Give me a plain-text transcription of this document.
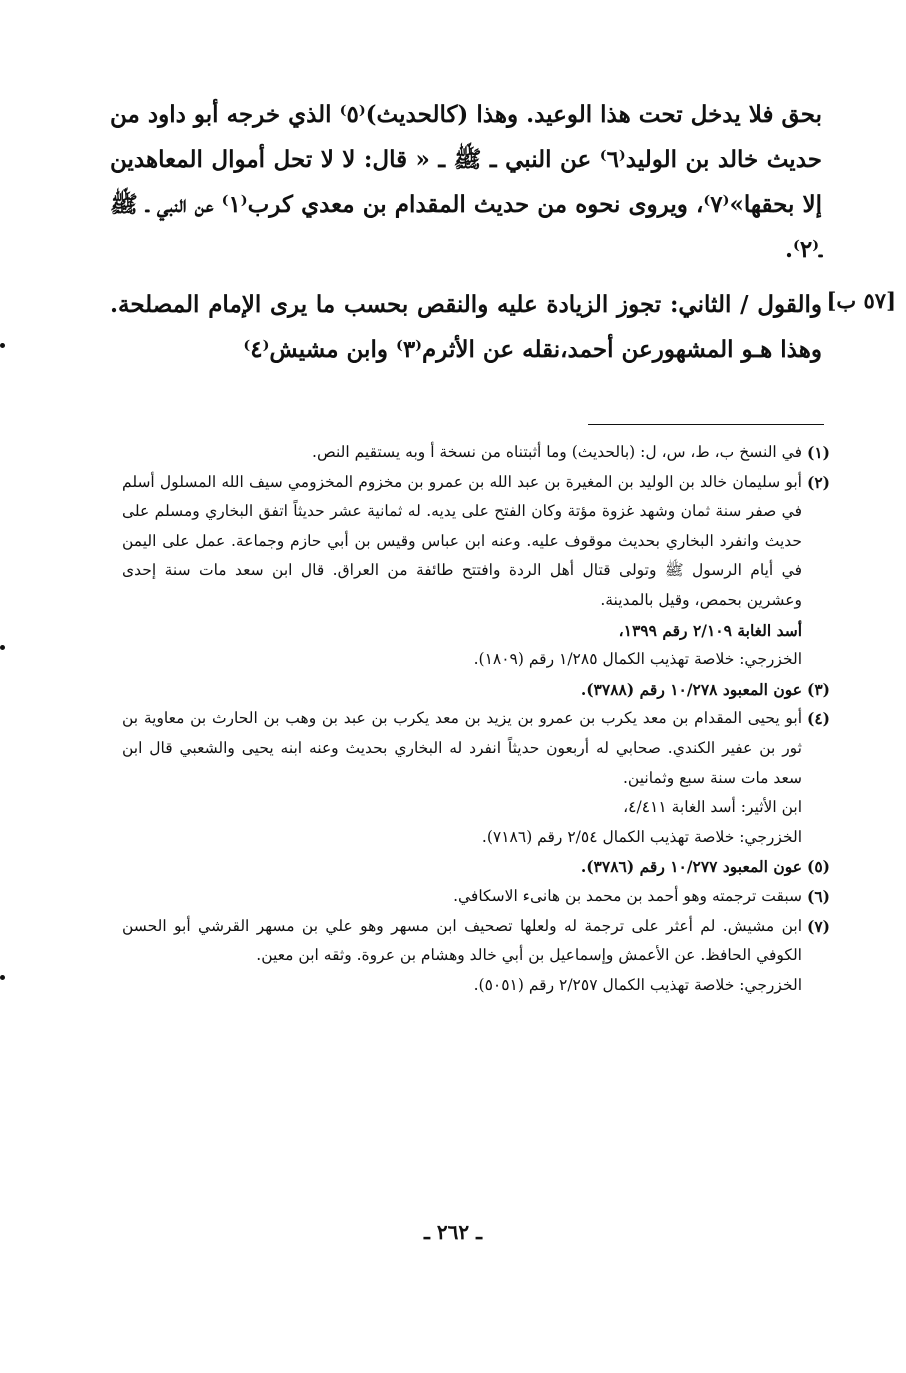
[٥٧ ب]

بحق فلا يدخل تحت هذا الوعيد. وهذا (كالحديث)⁽٥⁾ الذي خرجه أبو داود من حديث خالد بن الوليد⁽٦⁾ عن النبي ـ ﷺ ـ « قال: لا لا تحل أموال المعاهدين إلا بحقها»⁽٧⁾، ويروى نحوه من حديث المقدام بن معدي كرب⁽١⁾ عن النبي ـ ﷺ ـ⁽٢⁾.

والقول / الثاني: تجوز الزيادة عليه والنقص بحسب ما يرى الإمام المصلحة. وهذا هـو المشهورعن أحمد،نقله عن الأثرم⁽٣⁾ وابن مشيش⁽٤⁾

(١)
في النسخ ب، ط، س، ل: (بالحديث) وما أثبتناه من نسخة أ وبه يستقيم النص.
(٢)
أبو سليمان خالد بن الوليد بن المغيرة بن عبد الله بن عمرو بن مخزوم المخزومي سيف الله المسلول أسلم في صفر سنة ثمان وشهد غزوة مؤتة وكان الفتح على يديه. له ثمانية عشر حديثاً اتفق البخاري ومسلم على حديث وانفرد البخاري بحديث موقوف عليه. وعنه ابن عباس وقيس بن أبي حازم وجماعة. عمل على اليمن في أيام الرسول ﷺ وتولى قتال أهل الردة وافتتح طائفة من العراق. قال ابن سعد مات سنة إحدى وعشرين بحمص، وقيل بالمدينة.
أسد الغابة ٢/١٠٩ رقم ١٣٩٩،
الخزرجي: خلاصة تهذيب الكمال ١/٢٨٥ رقم (١٨٠٩).
(٣)
عون المعبود ١٠/٢٧٨ رقم (٣٧٨٨).
(٤)
أبو يحيى المقدام بن معد يكرب بن عمرو بن يزيد بن معد يكرب بن عبد بن وهب بن الحارث بن معاوية بن ثور بن عفير الكندي. صحابي له أربعون حديثاً انفرد له البخاري بحديث وعنه ابنه يحيى والشعبي قال ابن سعد مات سنة سبع وثمانين.
ابن الأثير: أسد الغابة ٤/٤١١،
الخزرجي: خلاصة تهذيب الكمال ٢/٥٤ رقم (٧١٨٦).
(٥)
عون المعبود ١٠/٢٧٧ رقم (٣٧٨٦).
(٦)
سبقت ترجمته وهو أحمد بن محمد بن هانىء الاسكافي.
(٧)
ابن مشيش. لم أعثر على ترجمة له ولعلها تصحيف ابن مسهر وهو علي بن مسهر القرشي أبو الحسن الكوفي الحافظ. عن الأعمش وإسماعيل بن أبي خالد وهشام بن عروة. وثقه ابن معين.
الخزرجي: خلاصة تهذيب الكمال ٢/٢٥٧ رقم (٥٠٥١).
ـ ٢٦٢ ـ
